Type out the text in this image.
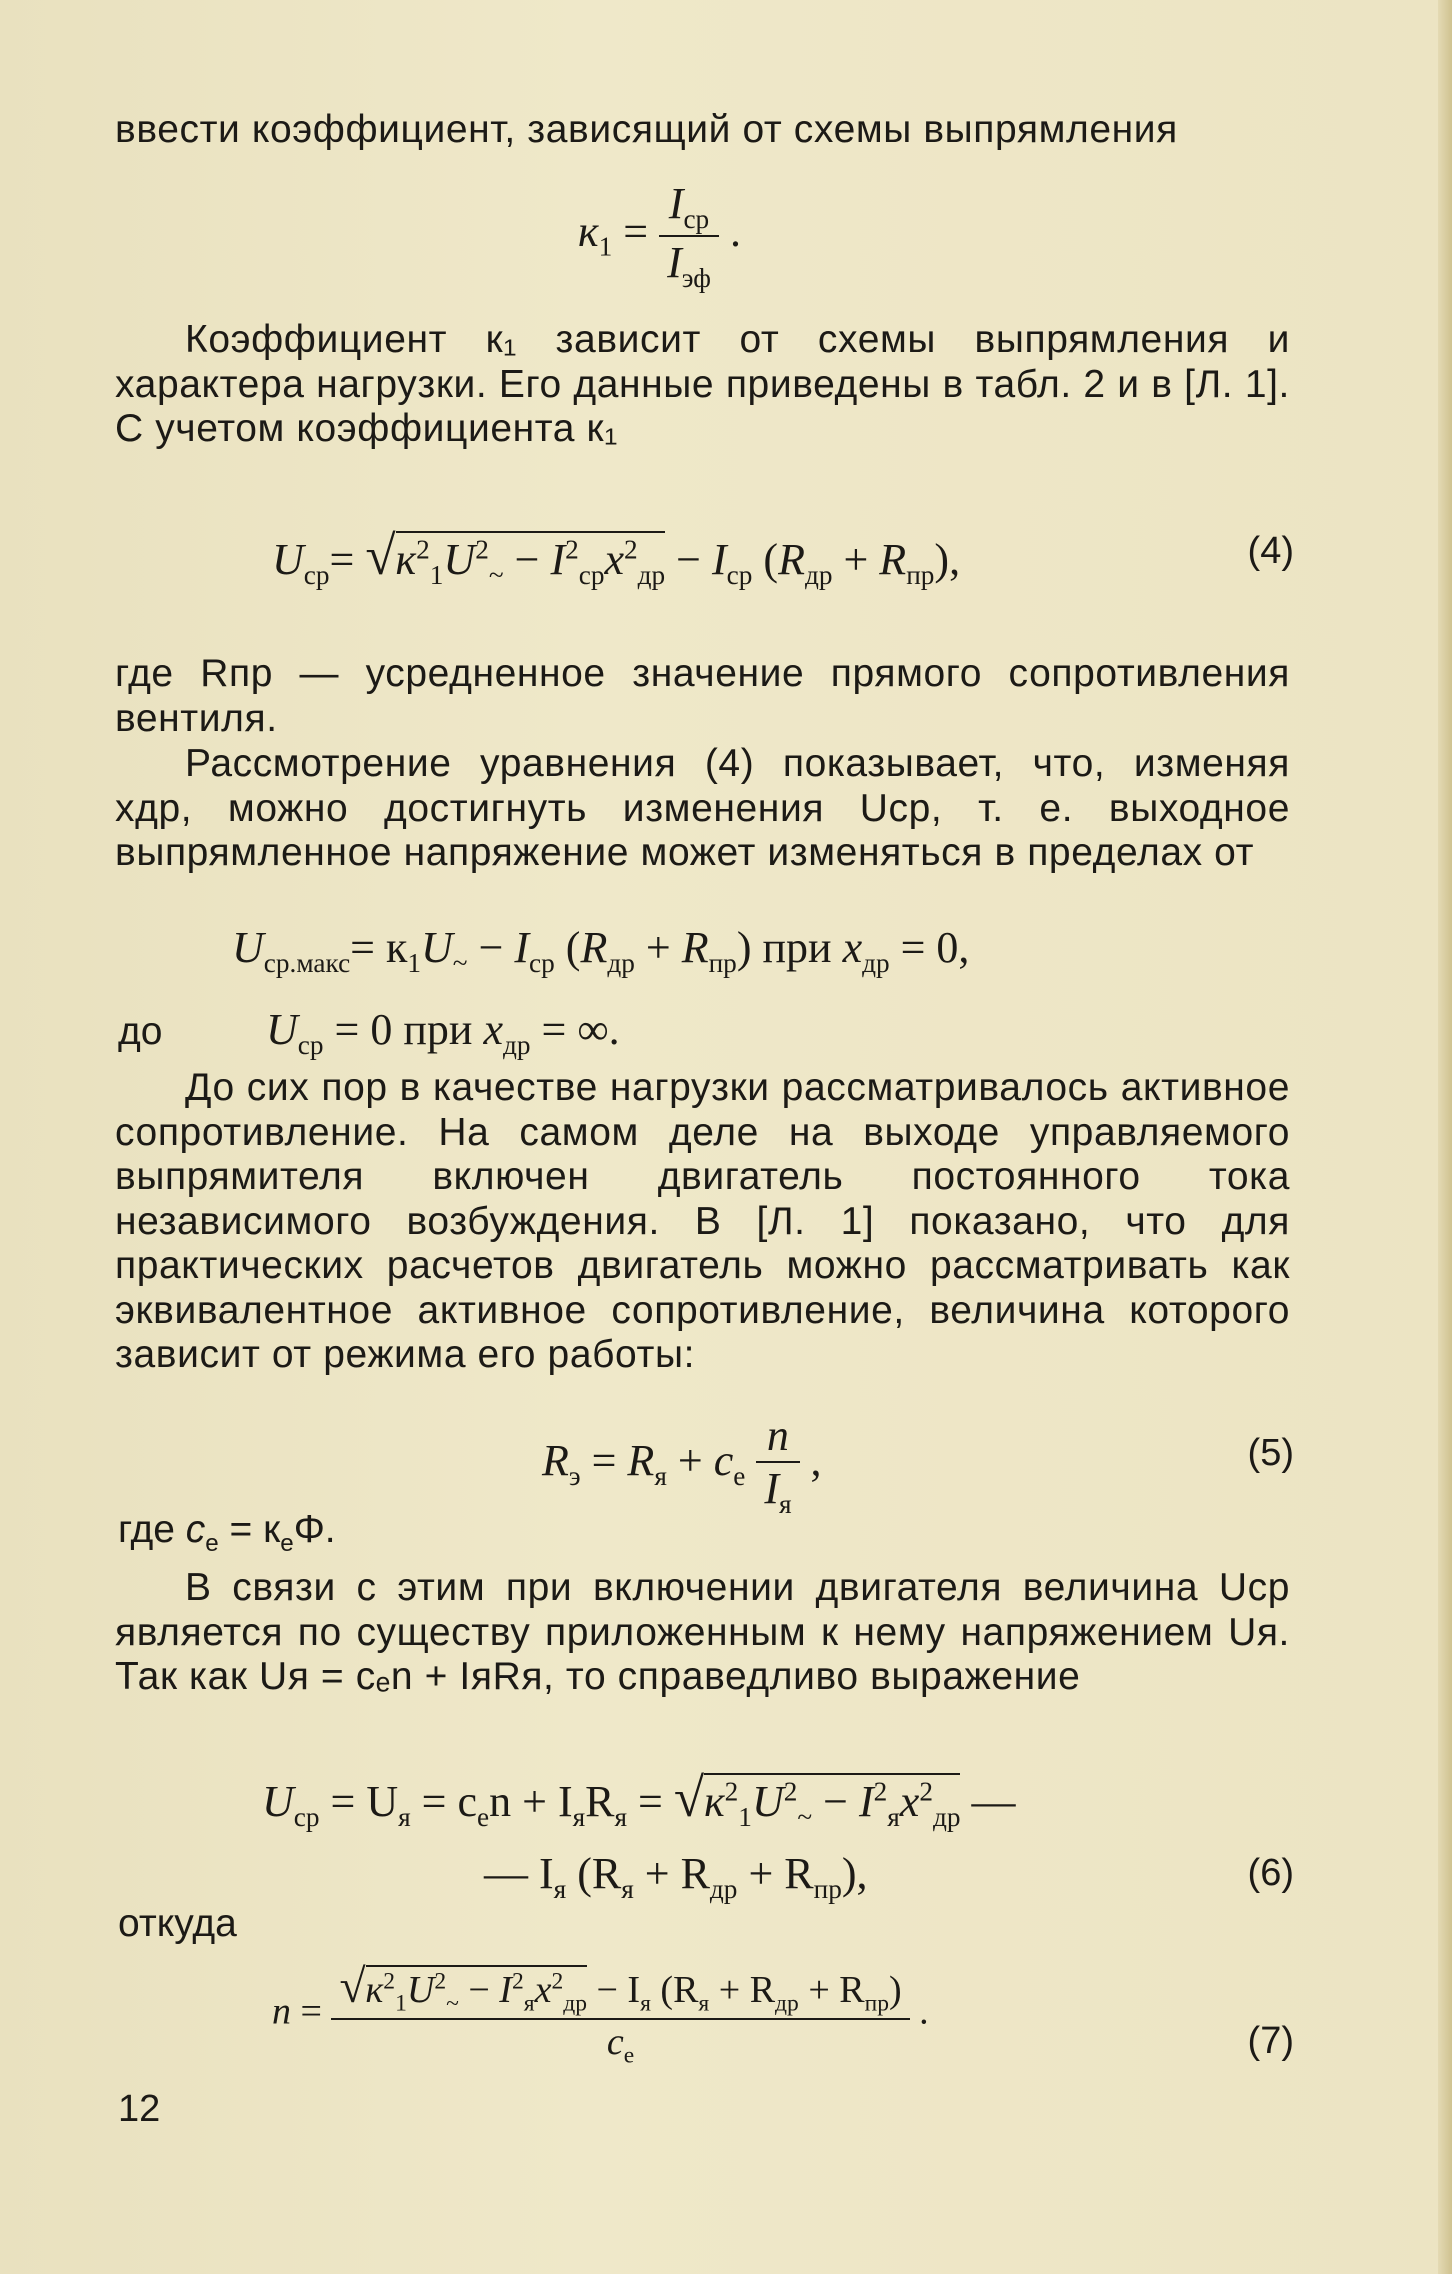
ввести коэффициент, зависящий от схемы выпрямления

$к_1 = \frac{I_{ср}}{I_{эф}}$ .

Коэффициент к₁ зависит от схемы выпрямления и характера нагрузки. Его данные приведены в табл. 2 и в [Л. 1]. С учетом коэффициента к₁

$U_{ср}= √к^2_1U^2_\sim - I^2_{ср}x^2_{др} - I_{ср}$ $(R_{др} + R_{пр})$,	(4)

где Rпр — усредненное значение прямого сопротивления вентиля.

Рассмотрение уравнения (4) показывает, что, изменяя xдр, можно достигнуть изменения Uср, т. е. выходное выпрямленное напряжение может изменяться в пределах от

$U_{ср.макс}= к_1U_\sim - I_{ср}$ $(R_{др} + R_{пр})$ при $x_{др} = 0$,
до $U_{ср} = 0$ при $x_{др}$ = ∞.

До сих пор в качестве нагрузки рассматривалось активное сопротивление. На самом деле на выходе управляемого выпрямителя включен двигатель постоянного тока независимого возбуждения. В [Л. 1] показано, что для практических расчетов двигатель можно рассматривать как эквивалентное активное сопротивление, величина которого зависит от режима его работы:

$R_э = R_я + c_e \frac{n}{I_я}$ ,	(5)
где $c_e = к_e\Phi$.

В связи с этим при включении двигателя величина Uср является по существу приложенным к нему напряжением Uя. Так как Uя = cₑn + IяRя, то справедливо выражение

$U_{ср} = U_я = c_en + I_яR_я = √к^2_1U^2_\sim - I^2_яx^2_{др}$ —
— $I_я$ $(R_я + R_{др} + R_{пр})$,	(6)
откуда
$n = \frac{√к^2_1U^2_\sim - I^2_яx^2_{др} - I_я (R_я + R_{др} + R_{пр})}{c_e}$ .
(7)
12
